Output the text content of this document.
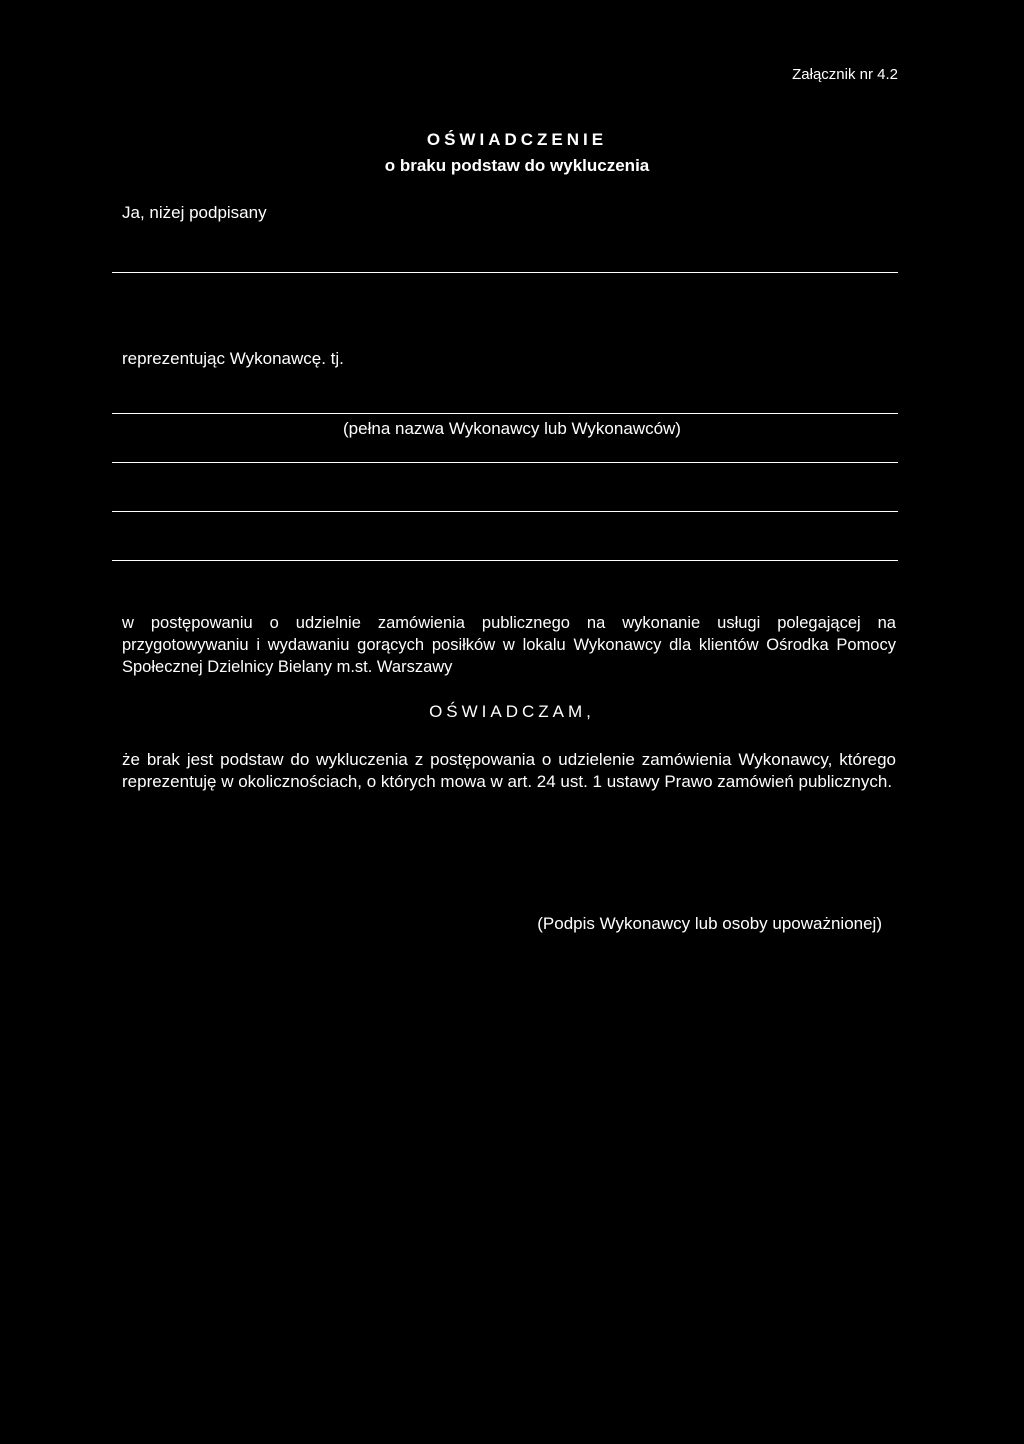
Załącznik nr 4.2
OŚWIADCZENIE
o braku podstaw do wykluczenia
Ja, niżej podpisany
reprezentując Wykonawcę. tj.
(pełna nazwa Wykonawcy lub Wykonawców)
w postępowaniu o udzielnie zamówienia publicznego na wykonanie usługi polegającej na przygotowywaniu i wydawaniu gorących posiłków w lokalu Wykonawcy dla klientów Ośrodka Pomocy Społecznej Dzielnicy Bielany m.st. Warszawy
OŚWIADCZAM,
że brak jest podstaw do wykluczenia z postępowania o udzielenie zamówienia Wykonawcy, którego reprezentuję w okolicznościach, o których mowa w art. 24 ust. 1 ustawy Prawo zamówień publicznych.
(Podpis Wykonawcy lub osoby upoważnionej)
